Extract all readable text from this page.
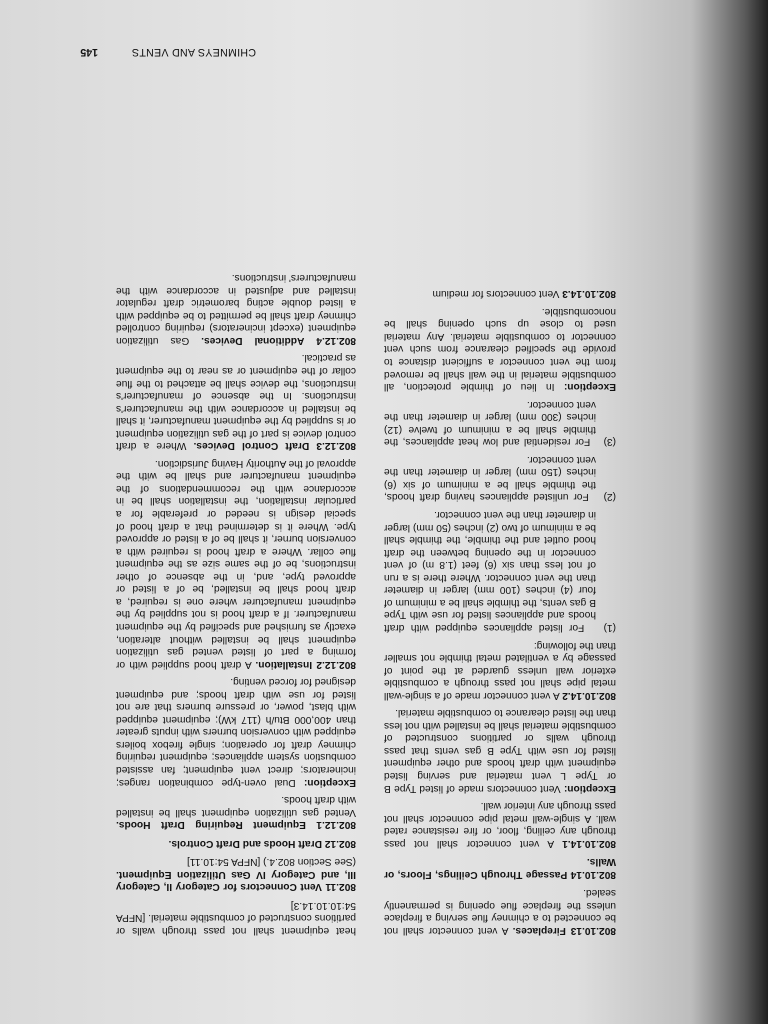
CHIMNEYS AND VENTS
145

802.10.13 Fireplaces. A vent connector shall not be connected to a chimney flue serving a fireplace unless the fireplace flue opening is permanently sealed.

802.10.14 Passage Through Ceilings, Floors, or Walls.

802.10.14.1 A vent connector shall not pass through any ceiling, floor, or fire resistance rated wall. A single-wall metal pipe connector shall not pass through any interior wall.

Exception: Vent connectors made of listed Type B or Type L vent material and serving listed equipment with draft hoods and other equipment listed for use with Type B gas vents that pass through walls or partitions constructed of combustible material shall be installed with not less than the listed clearance to combustible material.

802.10.14.2 A vent connector made of a single-wall metal pipe shall not pass through a combustible exterior wall unless guarded at the point of passage by a ventilated metal thimble not smaller than the following:

(1)   For listed appliances equipped with draft hoods and appliances listed for use with Type B gas vents, the thimble shall be a minimum of four (4) inches (100 mm) larger in diameter than the vent connector. Where there is a run of not less than six (6) feet (1.8 m) of vent connector in the opening between the draft hood outlet and the thimble, the thimble shall be a minimum of two (2) inches (50 mm) larger in diameter than the vent connector.

(2)   For unlisted appliances having draft hoods, the thimble shall be a minimum of six (6) inches (150 mm) larger in diameter than the vent connector.

(3)   For residential and low heat appliances, the thimble shall be a minimum of twelve (12) inches (300 mm) larger in diameter than the vent connector.

Exception: In lieu of thimble protection, all combustible material in the wall shall be removed from the vent connector a sufficient distance to provide the specified clearance from such vent connector to combustible material. Any material used to close up such opening shall be noncombustible.

802.10.14.3 Vent connectors for medium

heat equipment shall not pass through walls or partitions constructed of combustible material. [NFPA 54:10.10.14.3]

802.11 Vent Connectors for Category II, Category III, and Category IV Gas Utilization Equipment. (See Section 802.4.) [NFPA 54:10.11]

802.12 Draft Hoods and Draft Controls.

802.12.1 Equipment Requiring Draft Hoods. Vented gas utilization equipment shall be installed with draft hoods.

Exception: Dual oven-type combination ranges; incinerators; direct vent equipment; fan assisted combustion system appliances; equipment requiring chimney draft for operation; single firebox boilers equipped with conversion burners with inputs greater than 400,000 Btu/h (117 kW); equipment equipped with blast, power, or pressure burners that are not listed for use with draft hoods; and equipment designed for forced venting.

802.12.2 Installation. A draft hood supplied with or forming a part of listed vented gas utilization equipment shall be installed without alteration, exactly as furnished and specified by the equipment manufacturer. If a draft hood is not supplied by the equipment manufacturer where one is required, a draft hood shall be installed, be of a listed or approved type, and, in the absence of other instructions, be of the same size as the equipment flue collar. Where a draft hood is required with a conversion burner, it shall be of a listed or approved type. Where it is determined that a draft hood of special design is needed or preferable for a particular installation, the installation shall be in accordance with the recommendations of the equipment manufacturer and shall be with the approval of the Authority Having Jurisdiction.

802.12.3 Draft Control Devices. Where a draft control device is part of the gas utilization equipment or is supplied by the equipment manufacturer, it shall be installed in accordance with the manufacturer's instructions. In the absence of manufacturer's instructions, the device shall be attached to the flue collar of the equipment or as near to the equipment as practical.

802.12.4 Additional Devices. Gas utilization equipment (except incinerators) requiring controlled chimney draft shall be permitted to be equipped with a listed double acting barometric draft regulator installed and adjusted in accordance with the manufacturers' instructions.
